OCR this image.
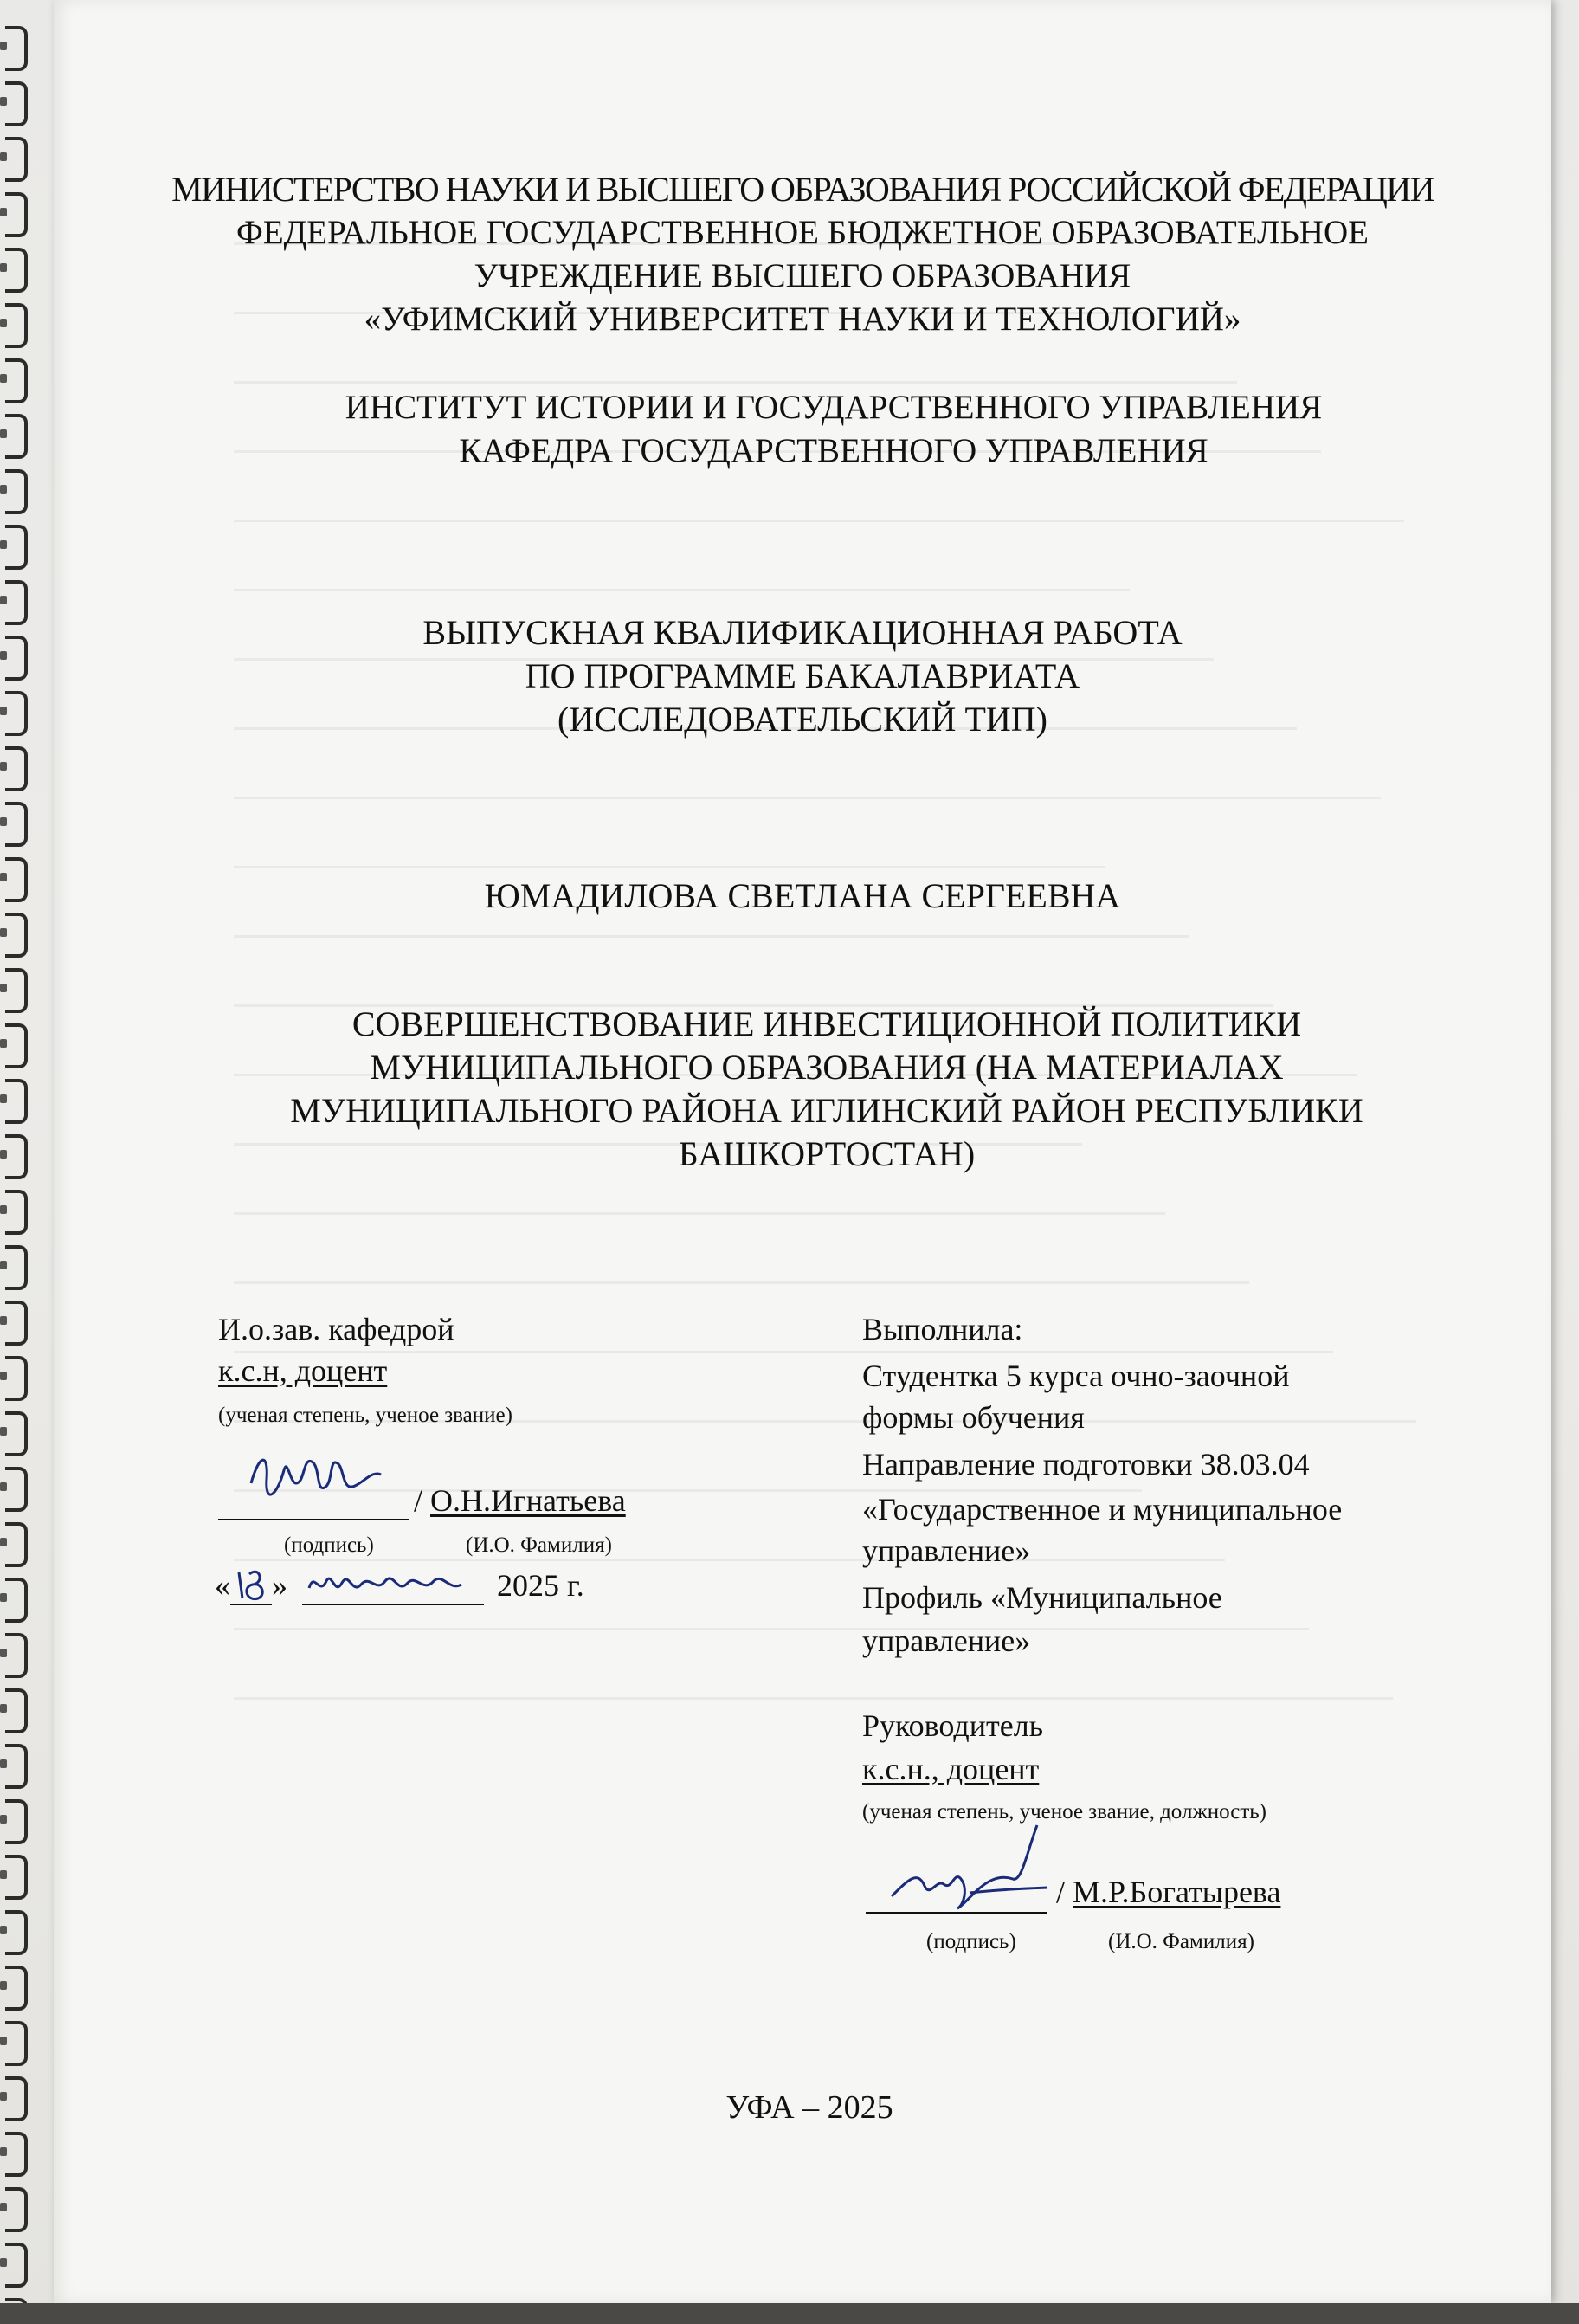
МИНИСТЕРСТВО НАУКИ И ВЫСШЕГО ОБРАЗОВАНИЯ РОССИЙСКОЙ ФЕДЕРАЦИИ
ФЕДЕРАЛЬНОЕ ГОСУДАРСТВЕННОЕ БЮДЖЕТНОЕ ОБРАЗОВАТЕЛЬНОЕ
УЧРЕЖДЕНИЕ ВЫСШЕГО ОБРАЗОВАНИЯ
«УФИМСКИЙ УНИВЕРСИТЕТ НАУКИ И ТЕХНОЛОГИЙ»
ИНСТИТУТ ИСТОРИИ И ГОСУДАРСТВЕННОГО УПРАВЛЕНИЯ
КАФЕДРА ГОСУДАРСТВЕННОГО УПРАВЛЕНИЯ
ВЫПУСКНАЯ КВАЛИФИКАЦИОННАЯ РАБОТА
ПО ПРОГРАММЕ БАКАЛАВРИАТА
(ИССЛЕДОВАТЕЛЬСКИЙ ТИП)
ЮМАДИЛОВА СВЕТЛАНА СЕРГЕЕВНА
СОВЕРШЕНСТВОВАНИЕ ИНВЕСТИЦИОННОЙ ПОЛИТИКИ
МУНИЦИПАЛЬНОГО ОБРАЗОВАНИЯ (НА МАТЕРИАЛАХ
МУНИЦИПАЛЬНОГО РАЙОНА ИГЛИНСКИЙ РАЙОН РЕСПУБЛИКИ
БАШКОРТОСТАН)
И.о.зав. кафедрой
к.с.н, доцент
(ученая степень, ученое звание)
/ О.Н.Игнатьева
(подпись)	(И.О. Фамилия)
« »	2025 г.
Выполнила:
Студентка 5 курса очно-заочной
формы обучения
Направление подготовки 38.03.04
«Государственное и муниципальное
управление»
Профиль «Муниципальное
управление»
Руководитель
к.с.н., доцент
(ученая степень, ученое звание, должность)
/ М.Р.Богатырева
(подпись)	(И.О. Фамилия)
УФА – 2025
